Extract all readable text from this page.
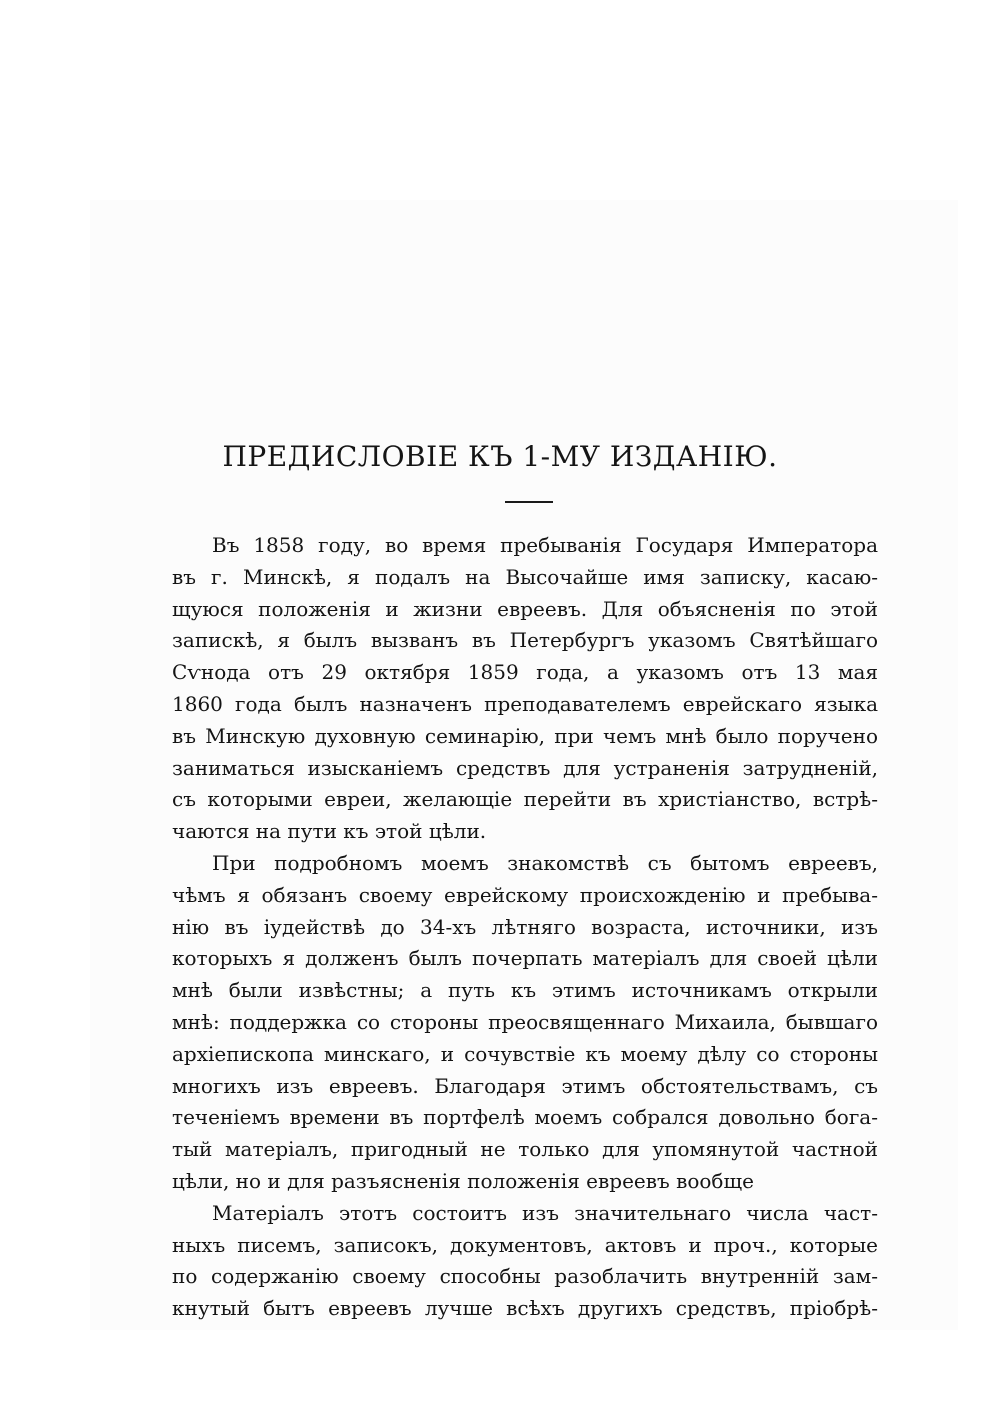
ПРЕДИСЛОВІЕ КЪ 1-МУ ИЗДАНІЮ.
Въ 1858 году, во время пребыванія Государя Императора
въ г. Минскѣ, я подалъ на Высочайше имя записку, касаю-
щуюся положенія и жизни евреевъ. Для объясненія по этой
запискѣ, я былъ вызванъ въ Петербургъ указомъ Святѣйшаго
Сѵнода отъ 29 октября 1859 года, а указомъ отъ 13 мая
1860 года былъ назначенъ преподавателемъ еврейскаго языка
въ Минскую духовную семинарію, при чемъ мнѣ было поручено
заниматься изысканіемъ средствъ для устраненія затрудненій,
съ которыми евреи, желающіе перейти въ христіанство, встрѣ-
чаются на пути къ этой цѣли.
При подробномъ моемъ знакомствѣ съ бытомъ евреевъ,
чѣмъ я обязанъ своему еврейскому происхожденію и пребыва-
нію въ іудействѣ до 34-хъ лѣтняго возраста, источники, изъ
которыхъ я долженъ былъ почерпать матеріалъ для своей цѣли
мнѣ были извѣстны; а путь къ этимъ источникамъ открыли
мнѣ: поддержка со стороны преосвященнаго Михаила, бывшаго
архіепископа минскаго, и сочувствіе къ моему дѣлу со стороны
многихъ изъ евреевъ. Благодаря этимъ обстоятельствамъ, съ
теченіемъ времени въ портфелѣ моемъ собрался довольно бога-
тый матеріалъ, пригодный не только для упомянутой частной
цѣли, но и для разъясненія положенія евреевъ вообще
Матеріалъ этотъ состоитъ изъ значительнаго числа част-
ныхъ писемъ, записокъ, документовъ, актовъ и проч., которые
по содержанію своему способны разоблачить внутренній зам-
кнутый бытъ евреевъ лучше всѣхъ другихъ средствъ, пріобрѣ-
